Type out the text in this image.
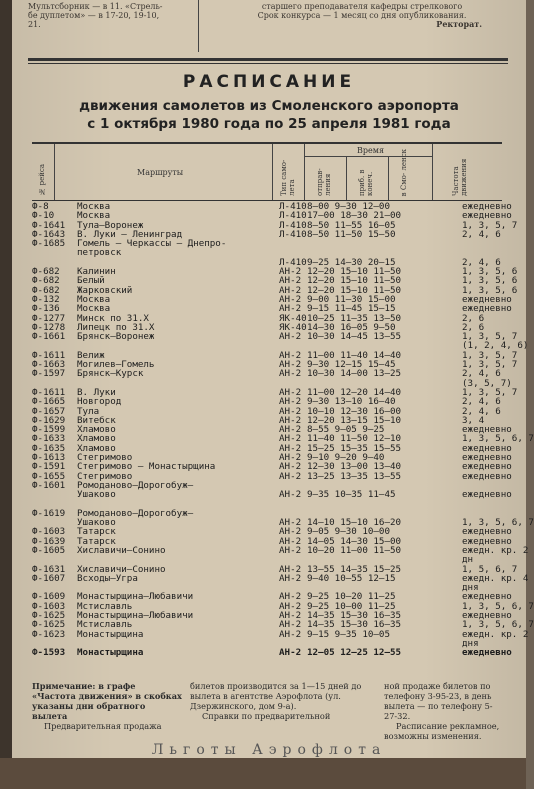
Мультсборник — в 11. «Стрель-
бе дуплетом» — в 17-20, 19-10,
21.
старшего преподавателя кафедры стрелкового
Срок конкурса — 1 месяц со дня опубликования.
Ректорат.
РАСПИСАНИЕ
движения самолетов из Смоленского аэропорта
с 1 октября 1980 года по 25 апреля 1981 года
№ рейса	Маршруты	Тип само- лета
Время
отправ- ления	приб. в конеч.	в Смо- ленск	Частота движения
Ф-8	Москва	Л-410 8—00 9—30 12—00	ежедневно
Ф-10 Москва	Л-410 17—00 18—30 21—00	ежедневно
Ф-1641 Тула—Воронеж	Л-410 8—50 11—55 16—05	1, 3, 5, 7
Ф-1643 В. Луки — Ленинград	Л-410 8—50 11—50 15—50	2, 4, 6
Ф-1685 Гомель — Черкассы — Днепро-
петровск
Л-410 9—25 14—30 20—15	2, 4, 6
Ф-682 Калинин	АН-2 12—20 15—10 11—50	1, 3, 5, 6
Ф-682 Белый	АН-2 12—20 15—10 11—50	1, 3, 5, 6
Ф-682 Жарковский	АН-2 12—20 15—10 11—50	1, 3, 5, 6
Ф-132 Москва	АН-2 9—00 11—30 15—00	ежедневно
Ф-136 Москва	АН-2 9—15 11—45 15—15	ежедневно
Ф-1277 Минск по 31.X	ЯК-40 10—25 11—35 13—50	2, 6
Ф-1278 Липецк по 31.X	ЯК-40 14—30 16—05 9—50	2, 6
Ф-1661 Брянск—Воронеж	АН-2 10—30 14—45 13—55	1, 3, 5, 7
(1, 2, 4, 6)
Ф-1611 Велиж	АН-2 11—00 11—40 14—40	1, 3, 5, 7
Ф-1663 Могилев—Гомель	АН-2 9—30 12—15 15—45	1, 3, 5, 7
Ф-1597 Брянск—Курск	АН-2 10—30 14—00 13—25	2, 4, 6
(3, 5, 7)
Ф-1611 В. Луки	АН-2 11—00 12—20 14—40	1, 3, 5, 7
Ф-1665 Новгород	АН-2 9—30 13—10 16—40	2, 4, 6
Ф-1657 Тула	АН-2 10—10 12—30 16—00	2, 4, 6
Ф-1629 Витебск	АН-2 12—20 13—15 15—10	3, 4
Ф-1599 Хламово	АН-2 8—55 9—05 9—25	ежедневно
Ф-1633 Хламово	АН-2 11—40 11—50 12—10	1, 3, 5, 6, 7
Ф-1635 Хламово	АН-2 15—25 15—35 15—55	ежедневно
Ф-1613 Стегримово	АН-2 9—10 9—20 9—40	ежедневно
Ф-1591 Стегримово — Монастырщина	АН-2 12—30 13—00 13—40	ежедневно
Ф-1655 Стегримово	АН-2 13—25 13—35 13—55	ежедневно
Ф-1601 Ромоданово—Дорогобуж—
Ушаково	АН-2 9—35 10—35 11—45	ежедневно
Ф-1619 Ромоданово—Дорогобуж—
Ушаково	АН-2 14—10 15—10 16—20	1, 3, 5, 6, 7
Ф-1603 Татарск	АН-2 9—05 9—30 10—00	ежедневно
Ф-1639 Татарск	АН-2 14—05 14—30 15—00	ежедневно
Ф-1605 Хиславичи—Сонино	АН-2 10—20 11—00 11—50	ежедн. кр. 2
дн
Ф-1631 Хиславичи—Сонино	АН-2 13—55 14—35 15—25	1, 5, 6, 7
Ф-1607 Всходы—Угра	АН-2 9—40 10—55 12—15	ежедн. кр. 4
дня
Ф-1609 Монастырщина—Любавичи	АН-2 9—25 10—20 11—25	ежедневно
Ф-1603 Мстиславль	АН-2 9—25 10—00 11—25	1, 3, 5, 6, 7
Ф-1625 Монастырщина—Любавичи	АН-2 14—35 15—30 16—35	ежедневно
Ф-1625 Мстиславль	АН-2 14—35 15—30 16—35	1, 3, 5, 6, 7
Ф-1623 Монастырщина	АН-2 9—15 9—35 10—05	ежедн. кр. 2
дня
Ф-1593 Монастырщина	АН-2 12—05 12—25 12—55	ежедневно
Примечание: в графе «Частота движения» в скобках указаны дни обратного вылета
Предварительная продажа
билетов производится за 1—15 дней до вылета в агентстве Аэрофлота (ул. Дзержинского, дом 9-а).
Справки по предварительной
ной продаже билетов по телефону 3-95-23, в день вылета — по телефону 5-27-32.
Расписание рекламное, возможны изменения.
Льготы Аэрофлота
